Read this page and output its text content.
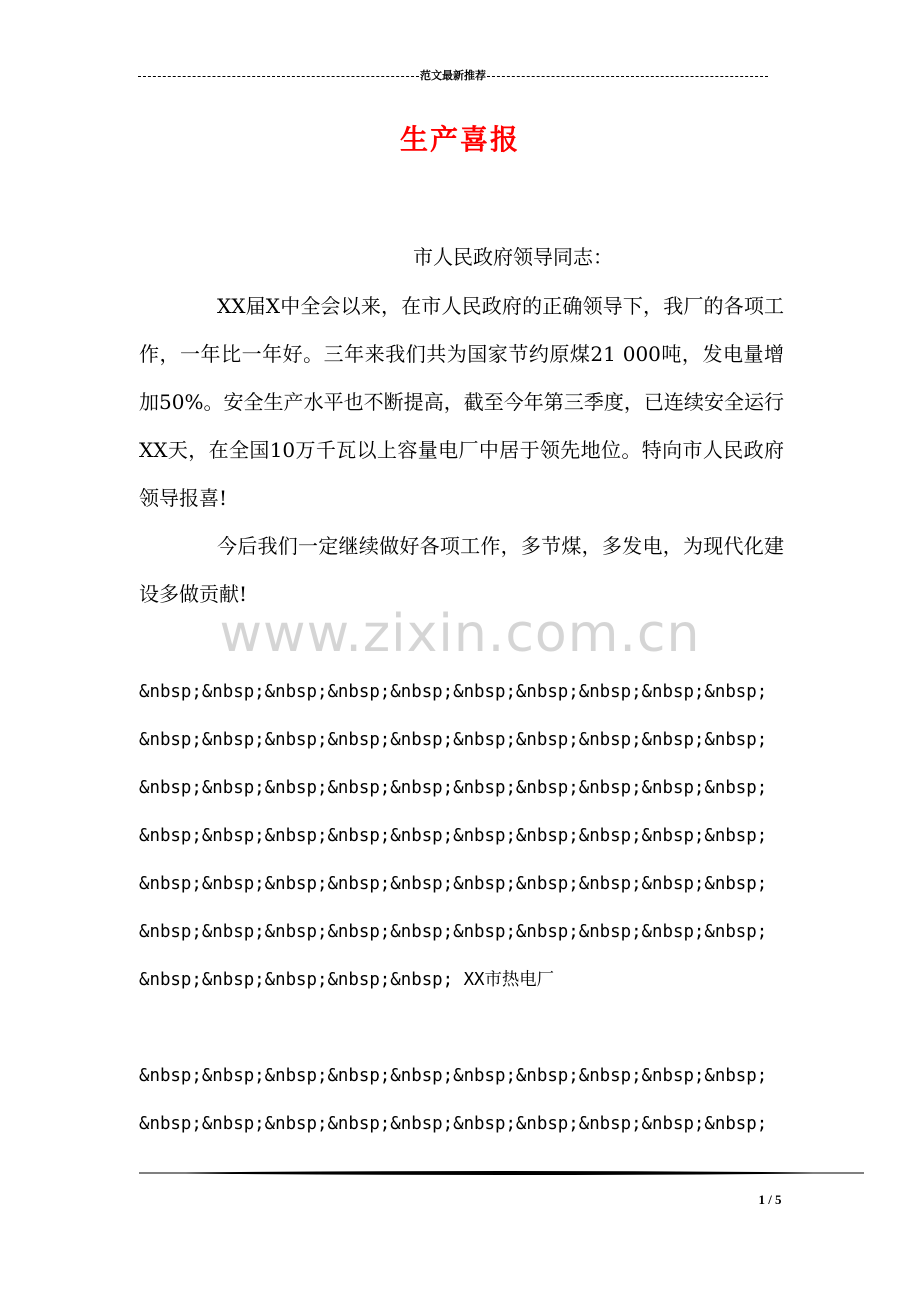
范文最新推荐
生产喜报
市人民政府领导同志：

XX届X中全会以来，在市人民政府的正确领导下，我厂的各项工作，一年比一年好。三年来我们共为国家节约原煤21 000吨，发电量增加50%。安全生产水平也不断提高，截至今年第三季度，已连续安全运行XX天，在全国10万千瓦以上容量电厂中居于领先地位。特向市人民政府领导报喜!

今后我们一定继续做好各项工作，多节煤，多发电，为现代化建设多做贡献!

www.zixin.com.cn
&nbsp;&nbsp;&nbsp;&nbsp;&nbsp;&nbsp;&nbsp;&nbsp;&nbsp;&nbsp;
&nbsp;&nbsp;&nbsp;&nbsp;&nbsp;&nbsp;&nbsp;&nbsp;&nbsp;&nbsp;
&nbsp;&nbsp;&nbsp;&nbsp;&nbsp;&nbsp;&nbsp;&nbsp;&nbsp;&nbsp;
&nbsp;&nbsp;&nbsp;&nbsp;&nbsp;&nbsp;&nbsp;&nbsp;&nbsp;&nbsp;
&nbsp;&nbsp;&nbsp;&nbsp;&nbsp;&nbsp;&nbsp;&nbsp;&nbsp;&nbsp;
&nbsp;&nbsp;&nbsp;&nbsp;&nbsp;&nbsp;&nbsp;&nbsp;&nbsp;&nbsp;
&nbsp;&nbsp;&nbsp;&nbsp;&nbsp; XX市热电厂
&nbsp;&nbsp;&nbsp;&nbsp;&nbsp;&nbsp;&nbsp;&nbsp;&nbsp;&nbsp;
&nbsp;&nbsp;&nbsp;&nbsp;&nbsp;&nbsp;&nbsp;&nbsp;&nbsp;&nbsp;
1 / 5
